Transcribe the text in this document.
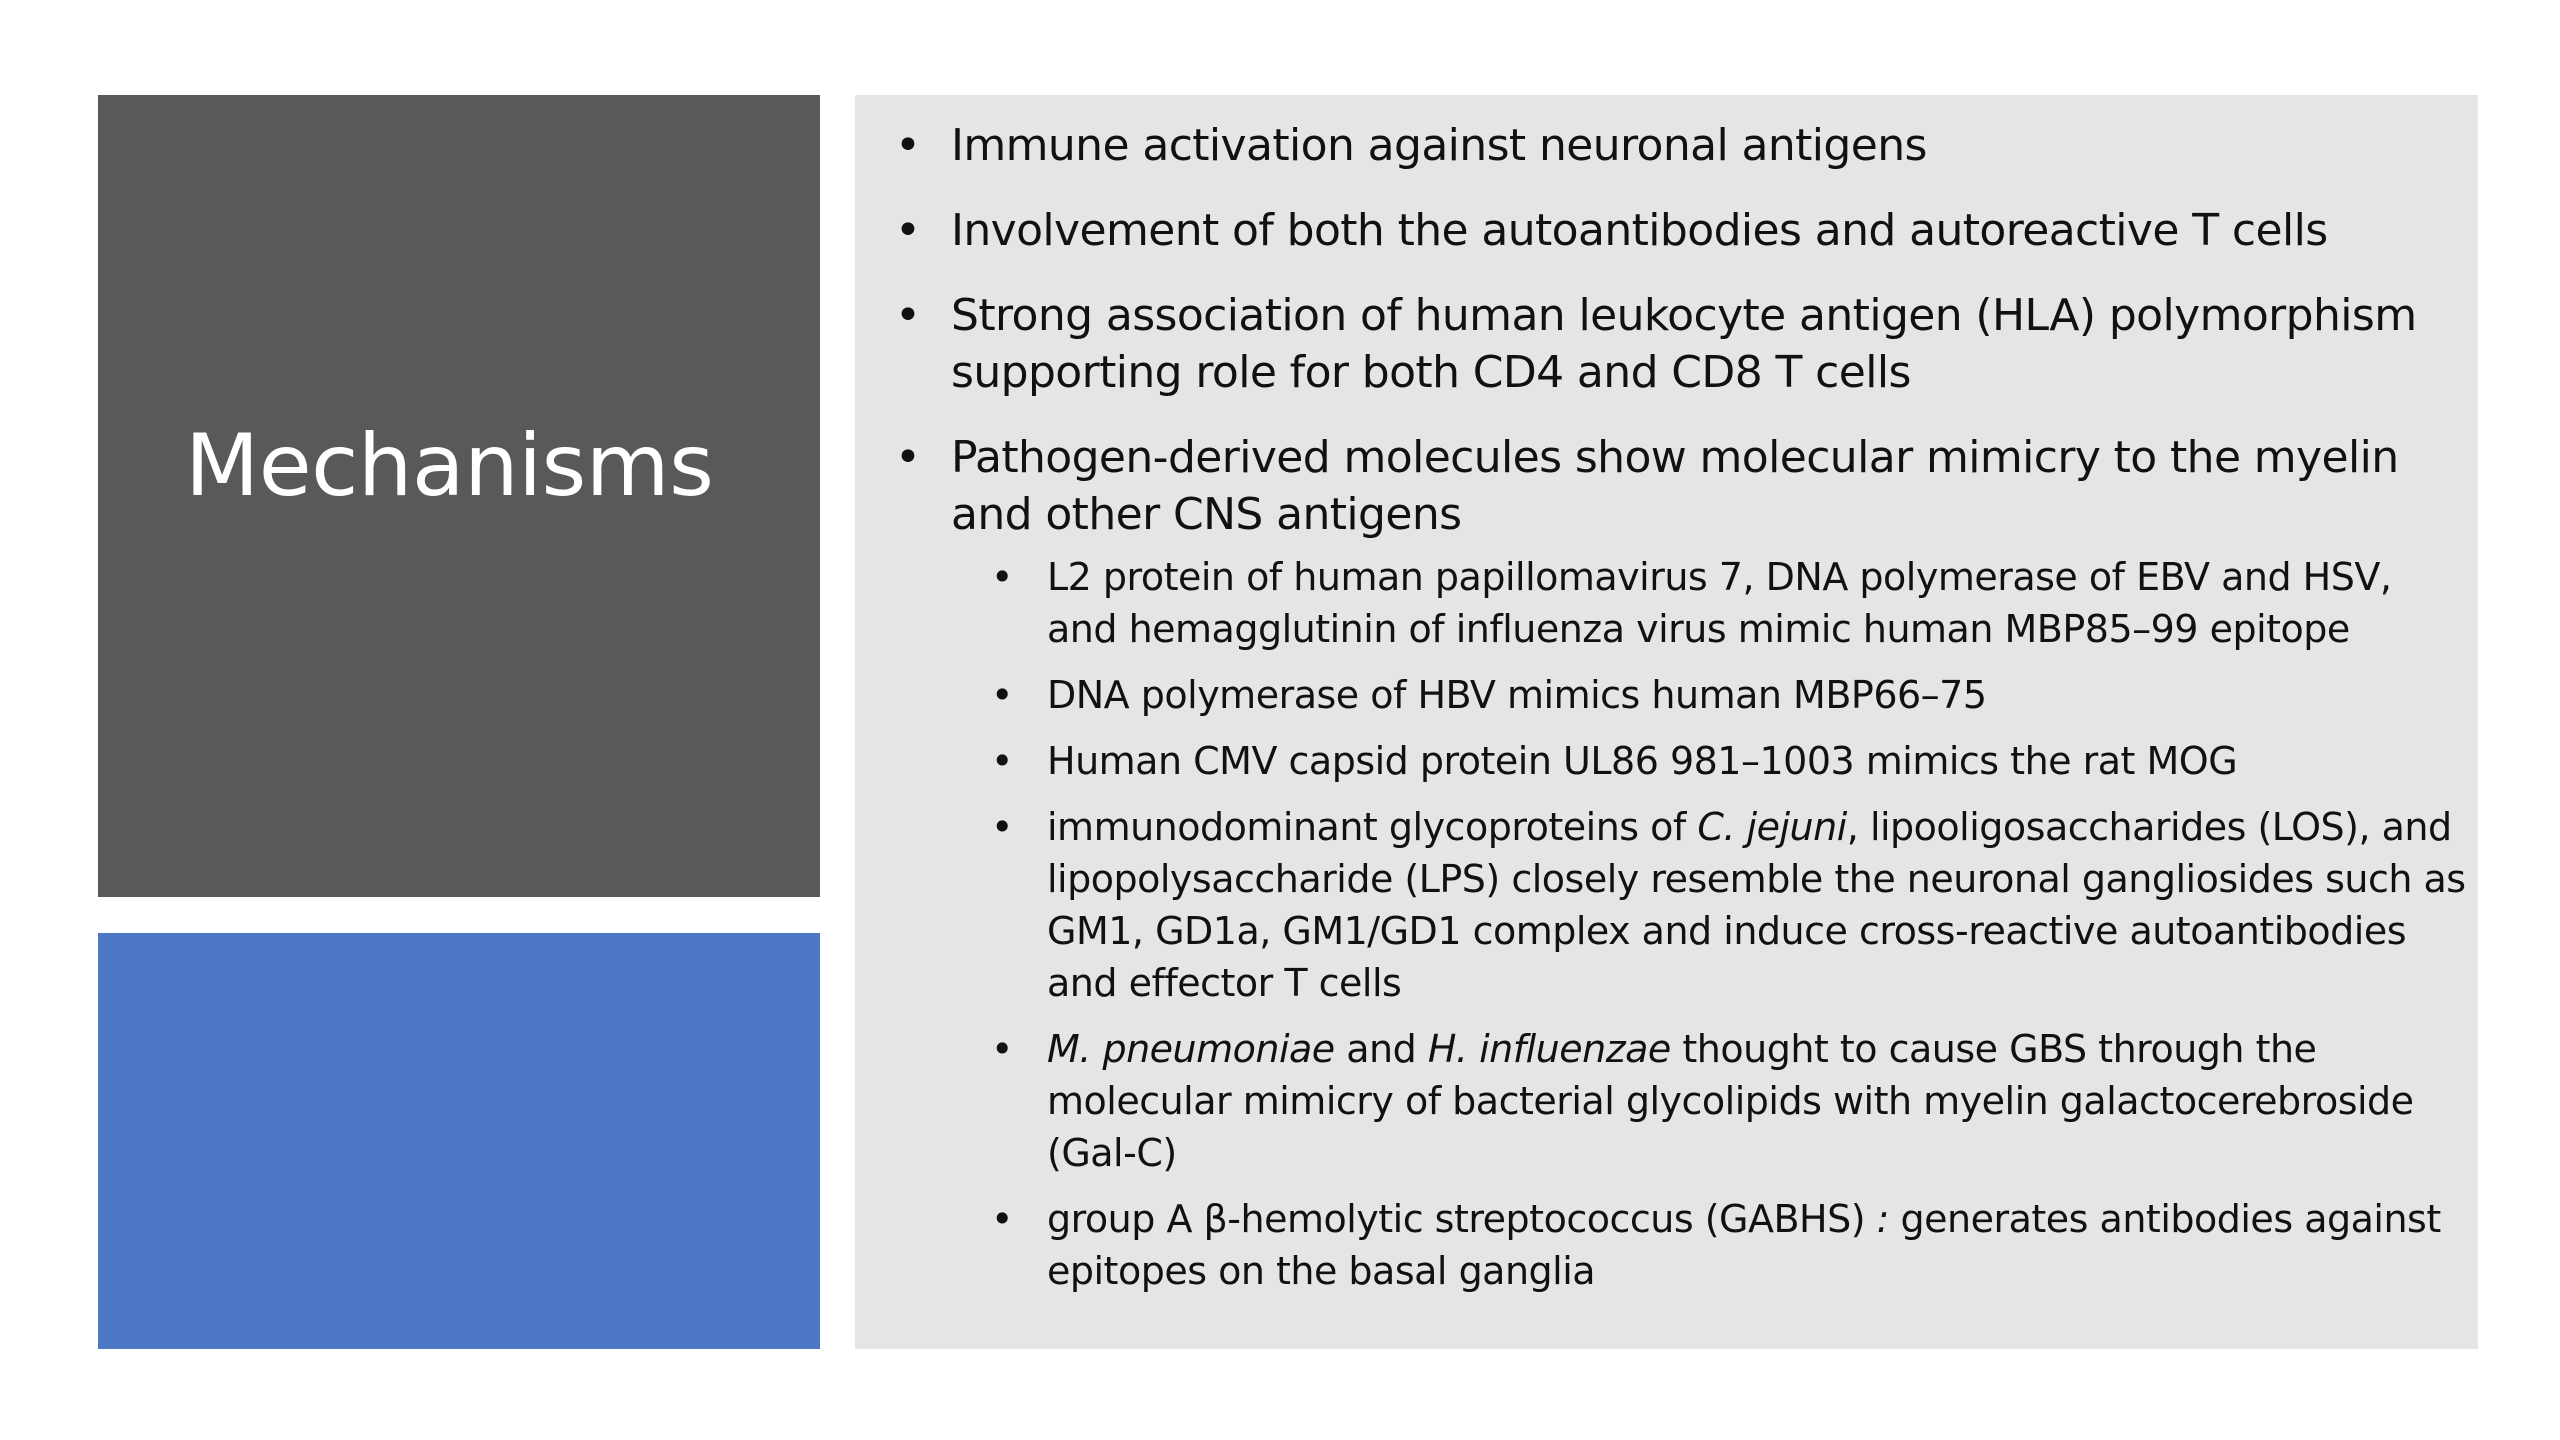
Mechanisms
• Immune activation against neuronal antigens
• Involvement of both the autoantibodies and autoreactive T cells
• Strong association of human leukocyte antigen (HLA) polymorphism supporting role for both CD4 and CD8 T cells
• Pathogen-derived molecules show molecular mimicry to the myelin and other CNS antigens
• L2 protein of human papillomavirus 7, DNA polymerase of EBV and HSV, and hemagglutinin of influenza virus mimic human MBP85–99 epitope
• DNA polymerase of HBV mimics human MBP66–75
• Human CMV capsid protein UL86 981–1003 mimics the rat MOG
• immunodominant glycoproteins of C. jejuni, lipooligosaccharides (LOS), and lipopolysaccharide (LPS) closely resemble the neuronal gangliosides such as GM1, GD1a, GM1/GD1 complex and induce cross-reactive autoantibodies and effector T cells
• M. pneumoniae and H. influenzae thought to cause GBS through the molecular mimicry of bacterial glycolipids with myelin galactocerebroside (Gal-C)
• group A β-hemolytic streptococcus (GABHS) : generates antibodies against epitopes on the basal ganglia
